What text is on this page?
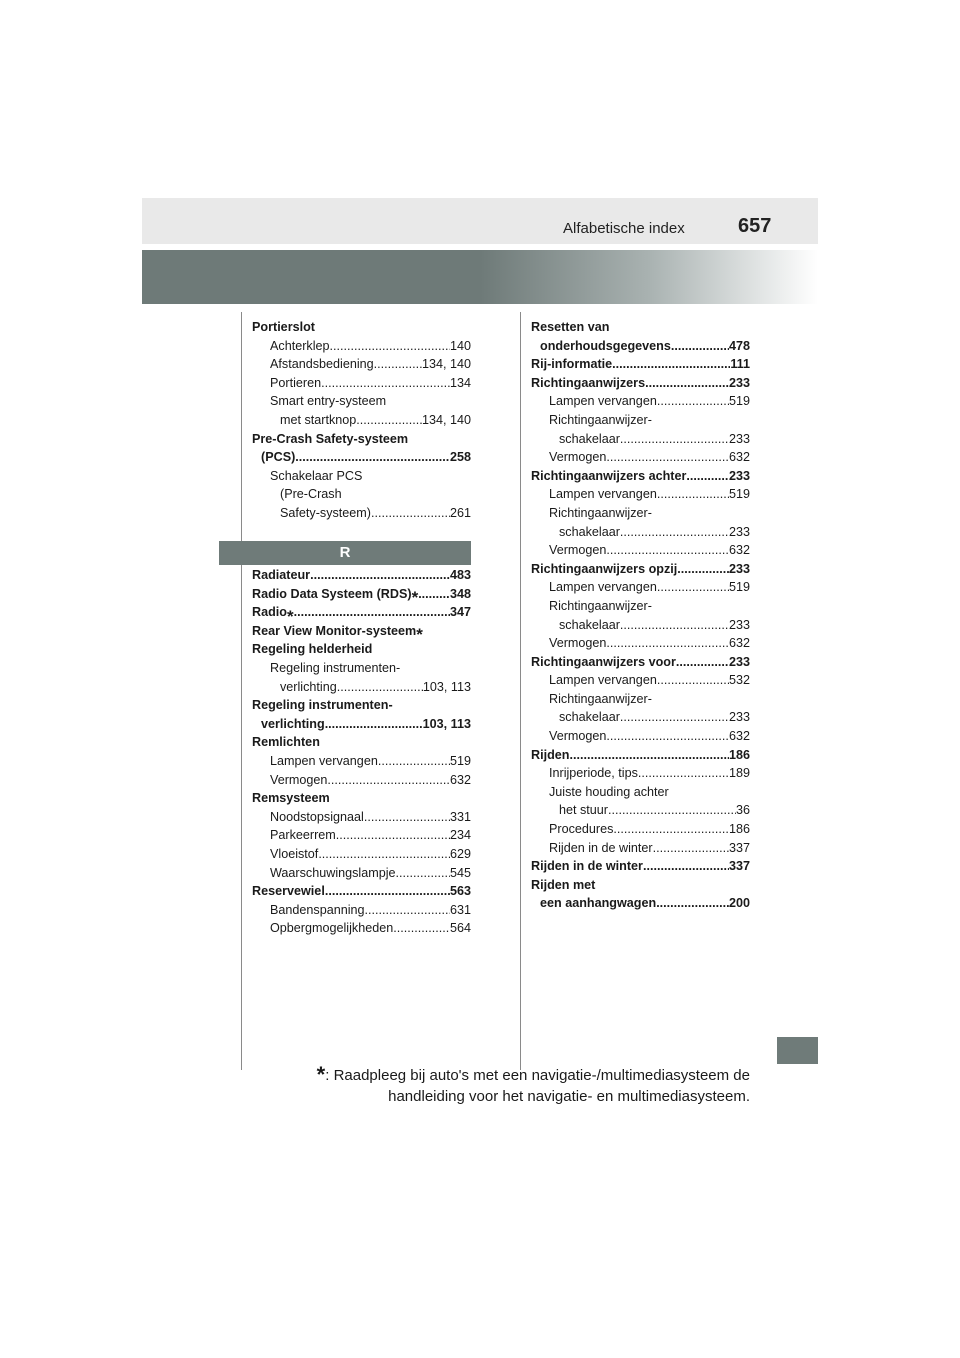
Alfabetische index	657
Portierslot
Achterklep .....	140
Afstandsbediening .....	134, 140
Portieren .....	134
Smart entry-systeem
met startknop .....	134, 140
Pre-Crash Safety-systeem
(PCS) .....	258
Schakelaar PCS
(Pre-Crash
Safety-systeem) .....	261
R
Radiateur .....	483
Radio Data Systeem (RDS) * .....	348
Radio * .....	347
Rear View Monitor-systeem *
Regeling helderheid
Regeling instrumenten-
verlichting .....	103, 113
Regeling instrumenten-
verlichting .....	103, 113
Remlichten
Lampen vervangen .....	519
Vermogen .....	632
Remsysteem
Noodstopsignaal .....	331
Parkeerrem .....	234
Vloeistof .....	629
Waarschuwingslampje .....	545
Reservewiel .....	563
Bandenspanning .....	631
Opbergmogelijkheden .....	564
Resetten van
onderhoudsgegevens .....	478
Rij-informatie .....	111
Richtingaanwijzers .....	233
Lampen vervangen .....	519
Richtingaanwijzer-
schakelaar .....	233
Vermogen .....	632
Richtingaanwijzers achter .....	233
Lampen vervangen .....	519
Richtingaanwijzer-
schakelaar .....	233
Vermogen .....	632
Richtingaanwijzers opzij .....	233
Lampen vervangen .....	519
Richtingaanwijzer-
schakelaar .....	233
Vermogen .....	632
Richtingaanwijzers voor .....	233
Lampen vervangen .....	532
Richtingaanwijzer-
schakelaar .....	233
Vermogen .....	632
Rijden .....	186
Inrijperiode, tips .....	189
Juiste houding achter
het stuur .....	36
Procedures .....	186
Rijden in de winter .....	337
Rijden in de winter .....	337
Rijden met
een aanhangwagen .....	200
*: Raadpleeg bij auto's met een navigatie-/multimediasysteem de
handleiding voor het navigatie- en multimediasysteem.
